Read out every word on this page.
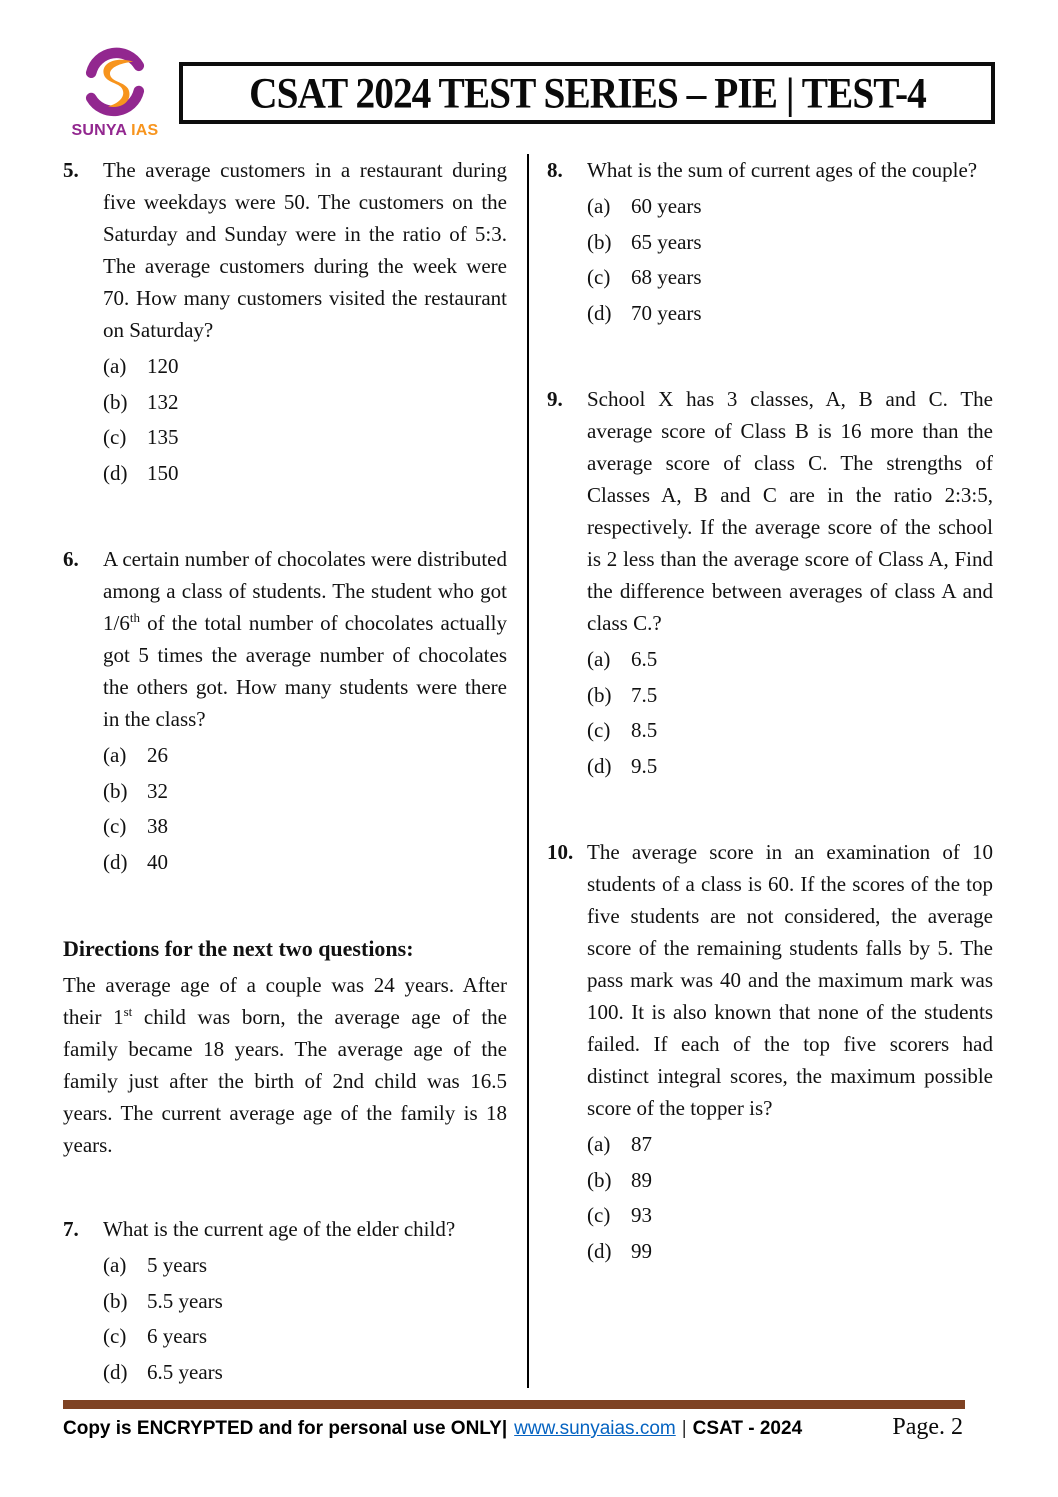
SUNYA IAS
CSAT 2024 TEST SERIES – PIE | TEST-4
5.	The average customers in a restaurant during five weekdays were 50. The customers on the Saturday and Sunday were in the ratio of 5:3. The average customers during the week were 70. How many customers visited the restaurant on Saturday?
(a) 120
(b) 132
(c) 135
(d) 150
6.	A certain number of chocolates were distributed among a class of students. The student who got 1/6th of the total number of chocolates actually got 5 times the average number of chocolates the others got. How many students were there in the class?
(a) 26
(b) 32
(c) 38
(d) 40
Directions for the next two questions:
The average age of a couple was 24 years. After their 1st child was born, the average age of the family became 18 years. The average age of the family just after the birth of 2nd child was 16.5 years. The current average age of the family is 18 years.
7.	What is the current age of the elder child?
(a) 5 years
(b) 5.5 years
(c) 6 years
(d) 6.5 years
8.	What is the sum of current ages of the couple?
(a) 60 years
(b) 65 years
(c) 68 years
(d) 70 years
9.	School X has 3 classes, A, B and C. The average score of Class B is 16 more than the average score of class C. The strengths of Classes A, B and C are in the ratio 2:3:5, respectively. If the average score of the school is 2 less than the average score of Class A, Find the difference between averages of class A and class C.?
(a) 6.5
(b) 7.5
(c) 8.5
(d) 9.5
10. The average score in an examination of 10 students of a class is 60. If the scores of the top five students are not considered, the average score of the remaining students falls by 5. The pass mark was 40 and the maximum mark was 100. It is also known that none of the students failed. If each of the top five scorers had distinct integral scores, the maximum possible score of the topper is?
(a) 87
(b) 89
(c) 93
(d) 99
Copy is ENCRYPTED and for personal use ONLY| www.sunyaias.com | CSAT - 2024	Page. 2
